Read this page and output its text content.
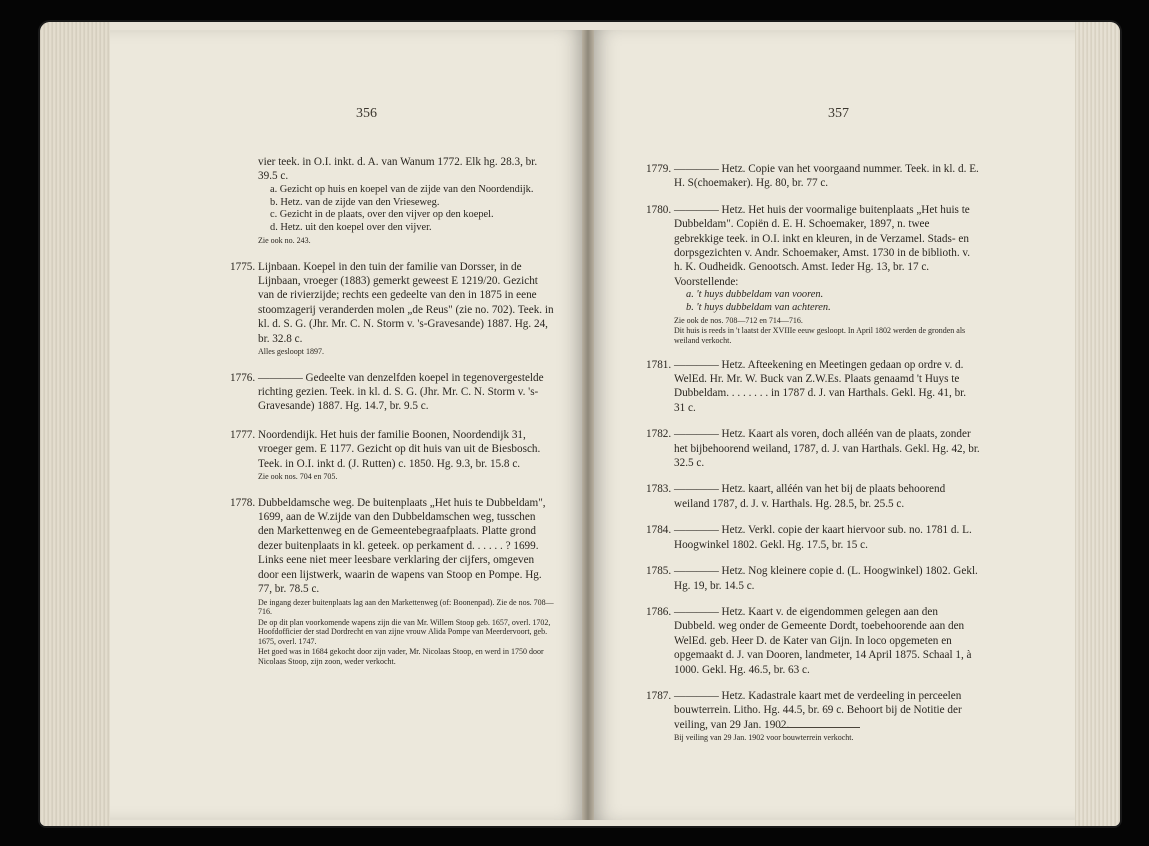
356	357

vier teek. in O.I. inkt. d. A. van Wanum 1772. Elk hg. 28.3, br. 39.5 c.

a. Gezicht op huis en koepel van de zijde van den Noordendijk.

b. Hetz. van de zijde van den Vrieseweg.

c. Gezicht in de plaats, over den vijver op den koepel.

d. Hetz. uit den koepel over den vijver.

Zie ook no. 243.

1775. Lijnbaan. Koepel in den tuin der familie van Dorsser, in de Lijnbaan, vroeger (1883) gemerkt geweest E 1219/20. Gezicht van de rivierzijde; rechts een gedeelte van den in 1875 in eene stoomzagerij veranderden molen „de Reus" (zie no. 702). Teek. in kl. d. S. G. (Jhr. Mr. C. N. Storm v. 's-Gravesande) 1887. Hg. 24, br. 32.8 c.

Alles gesloopt 1897.

1776. ———— Gedeelte van denzelfden koepel in tegenovergestelde richting gezien. Teek. in kl. d. S. G. (Jhr. Mr. C. N. Storm v. 's-Gravesande) 1887. Hg. 14.7, br. 9.5 c.

1777. Noordendijk. Het huis der familie Boonen, Noordendijk 31, vroeger gem. E 1177. Gezicht op dit huis van uit de Biesbosch. Teek. in O.I. inkt d. (J. Rutten) c. 1850. Hg. 9.3, br. 15.8 c.

Zie ook nos. 704 en 705.

1778. Dubbeldamsche weg. De buitenplaats „Het huis te Dubbeldam", 1699, aan de W.zijde van den Dubbeldamschen weg, tusschen den Markettenweg en de Gemeentebegraafplaats. Platte grond dezer buitenplaats in kl. geteek. op perkament d. . . . . . ? 1699. Links eene niet meer leesbare verklaring der cijfers, omgeven door een lijstwerk, waarin de wapens van Stoop en Pompe. Hg. 77, br. 78.5 c.

De ingang dezer buitenplaats lag aan den Markettenweg (of: Boonenpad). Zie de nos. 708—716.

De op dit plan voorkomende wapens zijn die van Mr. Willem Stoop geb. 1657, overl. 1702, Hoofdofficier der stad Dordrecht en van zijne vrouw Alida Pompe van Meerdervoort, geb. 1675, overl. 1747.

Het goed was in 1684 gekocht door zijn vader, Mr. Nicolaas Stoop, en werd in 1750 door Nicolaas Stoop, zijn zoon, weder verkocht.

1779. ———— Hetz. Copie van het voorgaand nummer. Teek. in kl. d. E. H. S(choemaker). Hg. 80, br. 77 c.

1780. ———— Hetz. Het huis der voormalige buitenplaats „Het huis te Dubbeldam". Copiën d. E. H. Schoemaker, 1897, n. twee gebrekkige teek. in O.I. inkt en kleuren, in de Verzamel. Stads- en dorpsgezichten v. Andr. Schoemaker, Amst. 1730 in de biblioth. v. h. K. Oudheidk. Genootsch. Amst. Ieder Hg. 13, br. 17 c. Voorstellende:

a. 't huys dubbeldam van vooren.

b. 't huys dubbeldam van achteren.

Zie ook de nos. 708—712 en 714—716.

Dit huis is reeds in 't laatst der XVIIIe eeuw gesloopt. In April 1802 werden de gronden als weiland verkocht.

1781. ———— Hetz. Afteekening en Meetingen gedaan op ordre v. d. WelEd. Hr. Mr. W. Buck van Z.W.Es. Plaats genaamd 't Huys te Dubbeldam. . . . . . . . in 1787 d. J. van Harthals. Gekl. Hg. 41, br. 31 c.

1782. ———— Hetz. Kaart als voren, doch alléén van de plaats, zonder het bijbehoorend weiland, 1787, d. J. van Harthals. Gekl. Hg. 42, br. 32.5 c.

1783. ———— Hetz. kaart, alléén van het bij de plaats behoorend weiland 1787, d. J. v. Harthals. Hg. 28.5, br. 25.5 c.

1784. ———— Hetz. Verkl. copie der kaart hiervoor sub. no. 1781 d. L. Hoogwinkel 1802. Gekl. Hg. 17.5, br. 15 c.

1785. ———— Hetz. Nog kleinere copie d. (L. Hoogwinkel) 1802. Gekl. Hg. 19, br. 14.5 c.

1786. ———— Hetz. Kaart v. de eigendommen gelegen aan den Dubbeld. weg onder de Gemeente Dordt, toebehoorende aan den WelEd. geb. Heer D. de Kater van Gijn. In loco opgemeten en opgemaakt d. J. van Dooren, landmeter, 14 April 1875. Schaal 1, à 1000. Gekl. Hg. 46.5, br. 63 c.

1787. ———— Hetz. Kadastrale kaart met de verdeeling in perceelen bouwterrein. Litho. Hg. 44.5, br. 69 c. Behoort bij de Notitie der veiling, van 29 Jan. 1902.

Bij veiling van 29 Jan. 1902 voor bouwterrein verkocht.
